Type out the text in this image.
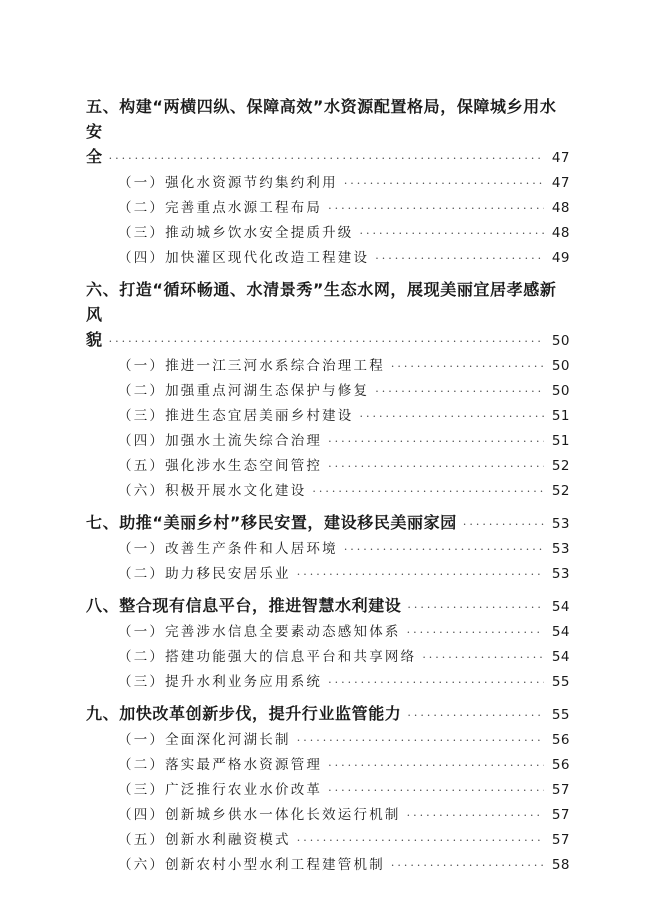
五、构建“两横四纵、保障高效”水资源配置格局，保障城乡用水安
全 ·····	47
（一）强化水资源节约集约利用 ·····	47
（二）完善重点水源工程布局 ·····	48
（三）推动城乡饮水安全提质升级 ·····	48
（四）加快灌区现代化改造工程建设 ·····	49
六、打造“循环畅通、水清景秀”生态水网，展现美丽宜居孝感新风
貌 ·····	50
（一）推进一江三河水系综合治理工程 ·····	50
（二）加强重点河湖生态保护与修复 ·····	50
（三）推进生态宜居美丽乡村建设 ·····	51
（四）加强水土流失综合治理 ·····	51
（五）强化涉水生态空间管控 ·····	52
（六）积极开展水文化建设 ·····	52
七、助推“美丽乡村”移民安置，建设移民美丽家园 ·····	53
（一）改善生产条件和人居环境 ·····	53
（二）助力移民安居乐业 ·····	53
八、整合现有信息平台，推进智慧水利建设 ·····	54
（一）完善涉水信息全要素动态感知体系 ·····	54
（二）搭建功能强大的信息平台和共享网络 ·····	54
（三）提升水利业务应用系统 ·····	55
九、加快改革创新步伐，提升行业监管能力 ·····	55
（一）全面深化河湖长制 ·····	56
（二）落实最严格水资源管理 ·····	56
（三）广泛推行农业水价改革 ·····	57
（四）创新城乡供水一体化长效运行机制 ·····	57
（五）创新水利融资模式 ·····	57
（六）创新农村小型水利工程建管机制 ·····	58
